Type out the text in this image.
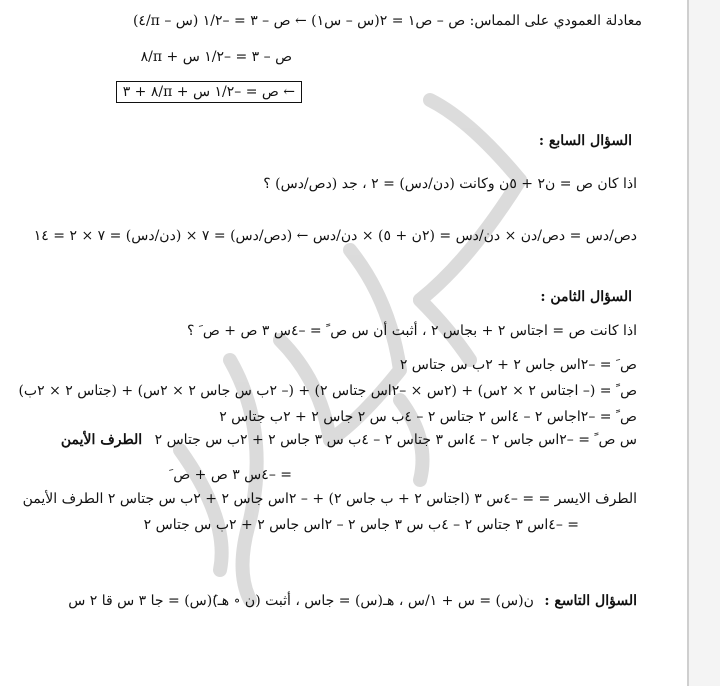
معادلة العمودي على المماس: ص – ص١ = ٢(س – س١) ← ص – ٣ = –١/٢ (س – π/٤)
ص – ٣ = –١/٢ س + π/٨
← ص = –١/٢ س + π/٨ + ٣
السؤال السابع :
اذا كان ص = ن٢ + ٥ن وكانت (دن/دس) = ٢ ، جد (دص/دس) ؟
دص/دس = دص/دن × دن/دس = (٢ن + ٥) × دن/دس ← (دص/دس) = ٧ × (دن/دس) = ٧ × ٢ = ١٤
السؤال الثامن :
اذا كانت ص = اجتاس ٢ + بجاس ٢ ، أثبت أن س ص ً = –٤س ٣ ص + ص َ ؟
ص َ = –٢اس جاس ٢ + ٢ب س جتاس ٢
ص ً = (– اجتاس ٢ × ٢س) + (٢س × –٢اس جتاس ٢) + (– ٢ب س جاس ٢ × ٢س) + (جتاس ٢ × ٢ب)
ص ً = –٢اجاس ٢ – ٤اس ٢ جتاس ٢ – ٤ب س ٢ جاس ٢ + ٢ب جتاس ٢
س ص ً = –٢اس جاس ٢ – ٤اس ٣ جتاس ٢ – ٤ب س ٣ جاس ٢ + ٢ب س جتاس ٢ الطرف الأيمن
= –٤س ٣ ص + ص َ
الطرف الايسر = = –٤س ٣ (اجتاس ٢ + ب جاس ٢) + – ٢اس جاس ٢ + ٢ب س جتاس ٢ الطرف الأيمن
= –٤اس ٣ جتاس ٢ – ٤ب س ٣ جاس ٢ – ٢اس جاس ٢ + ٢ب س جتاس ٢
السؤال التاسع : ن(س) = س + ١/س ، هـ(س) = جاس ، أثبت (ن ∘ هـ)َ(س) = جا ٣ س قا ٢ س
